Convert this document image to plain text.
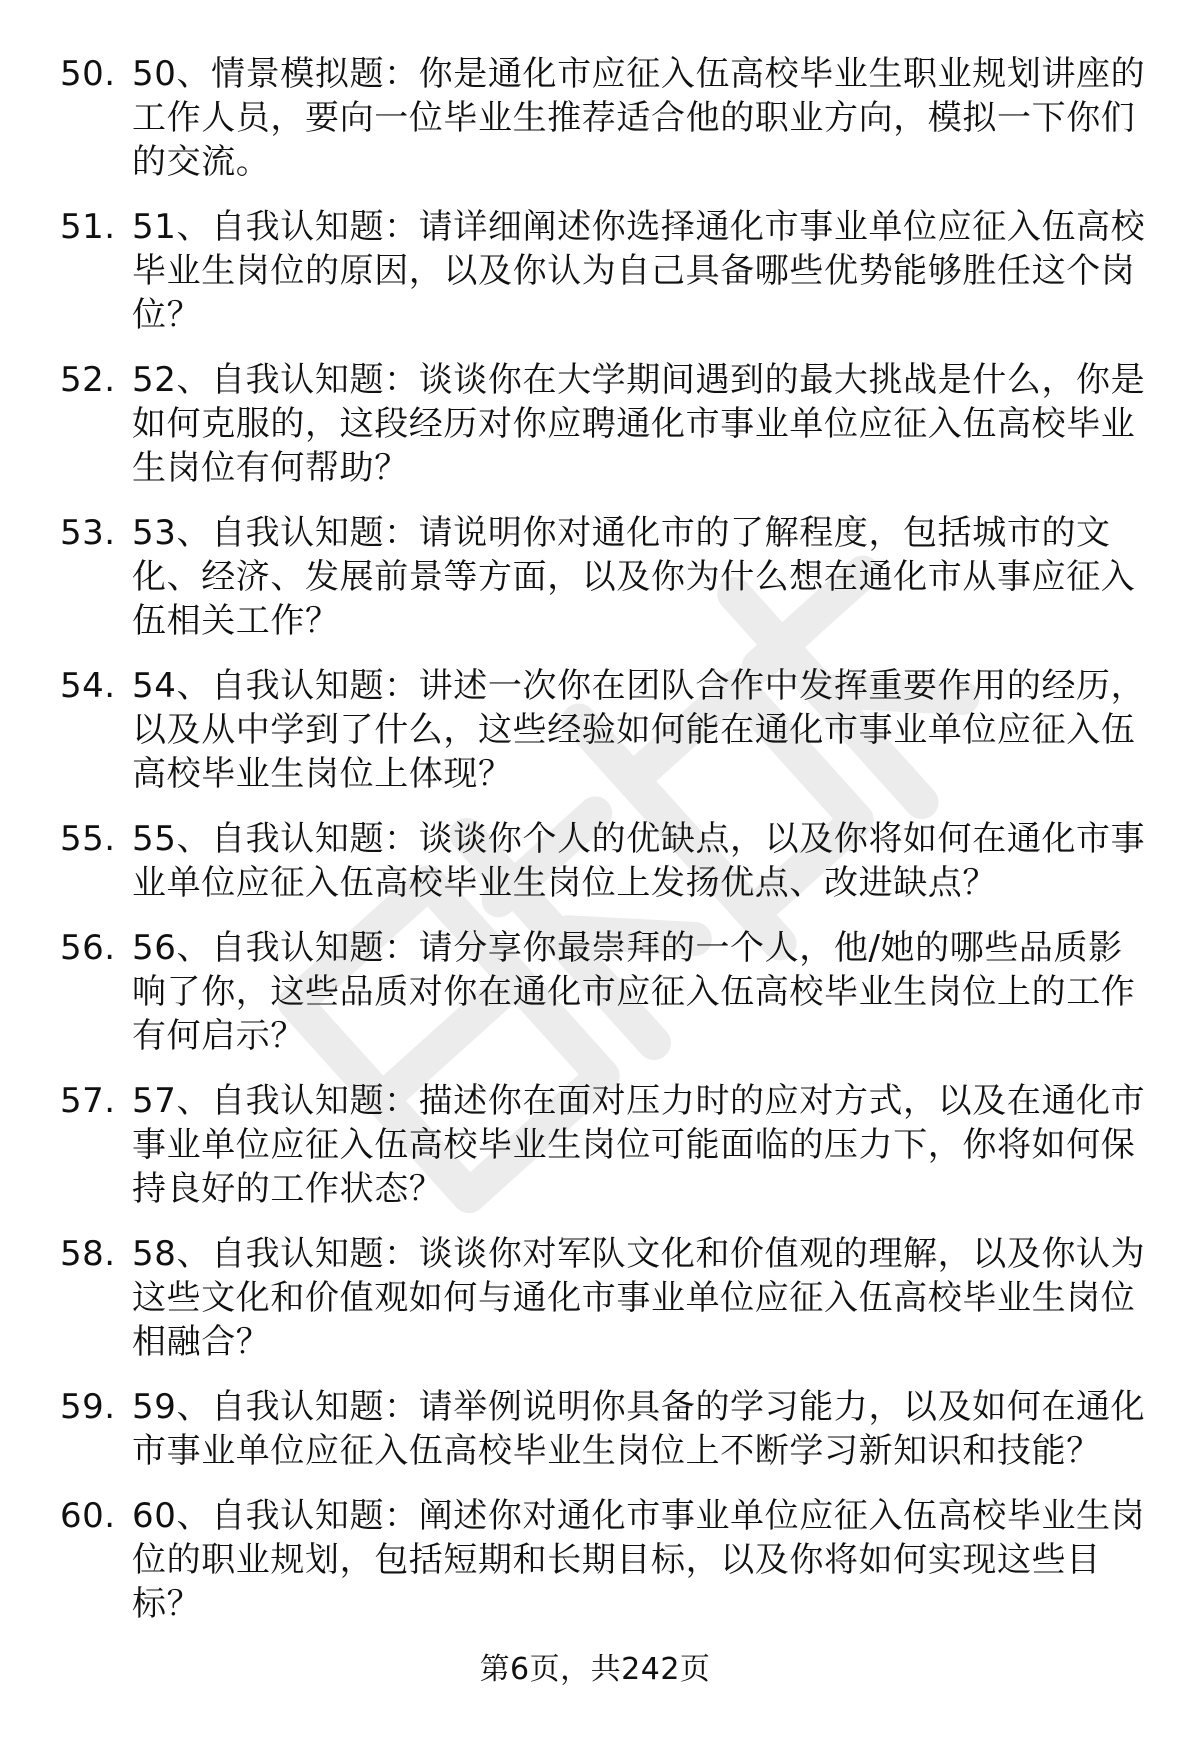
50. 50、情景模拟题：你是通化市应征入伍高校毕业生职业规划讲座的工作人员，要向一位毕业生推荐适合他的职业方向，模拟一下你们的交流。
51. 51、自我认知题：请详细阐述你选择通化市事业单位应征入伍高校毕业生岗位的原因，以及你认为自己具备哪些优势能够胜任这个岗位？
52. 52、自我认知题：谈谈你在大学期间遇到的最大挑战是什么，你是如何克服的，这段经历对你应聘通化市事业单位应征入伍高校毕业生岗位有何帮助？
53. 53、自我认知题：请说明你对通化市的了解程度，包括城市的文化、经济、发展前景等方面，以及你为什么想在通化市从事应征入伍相关工作？
54. 54、自我认知题：讲述一次你在团队合作中发挥重要作用的经历，以及从中学到了什么，这些经验如何能在通化市事业单位应征入伍高校毕业生岗位上体现？
55. 55、自我认知题：谈谈你个人的优缺点，以及你将如何在通化市事业单位应征入伍高校毕业生岗位上发扬优点、改进缺点？
56. 56、自我认知题：请分享你最崇拜的一个人，他/她的哪些品质影响了你，这些品质对你在通化市应征入伍高校毕业生岗位上的工作有何启示？
57. 57、自我认知题：描述你在面对压力时的应对方式，以及在通化市事业单位应征入伍高校毕业生岗位可能面临的压力下，你将如何保持良好的工作状态？
58. 58、自我认知题：谈谈你对军队文化和价值观的理解，以及你认为这些文化和价值观如何与通化市事业单位应征入伍高校毕业生岗位相融合？
59. 59、自我认知题：请举例说明你具备的学习能力，以及如何在通化市事业单位应征入伍高校毕业生岗位上不断学习新知识和技能？
60. 60、自我认知题：阐述你对通化市事业单位应征入伍高校毕业生岗位的职业规划，包括短期和长期目标，以及你将如何实现这些目标？
第6页，共242页
